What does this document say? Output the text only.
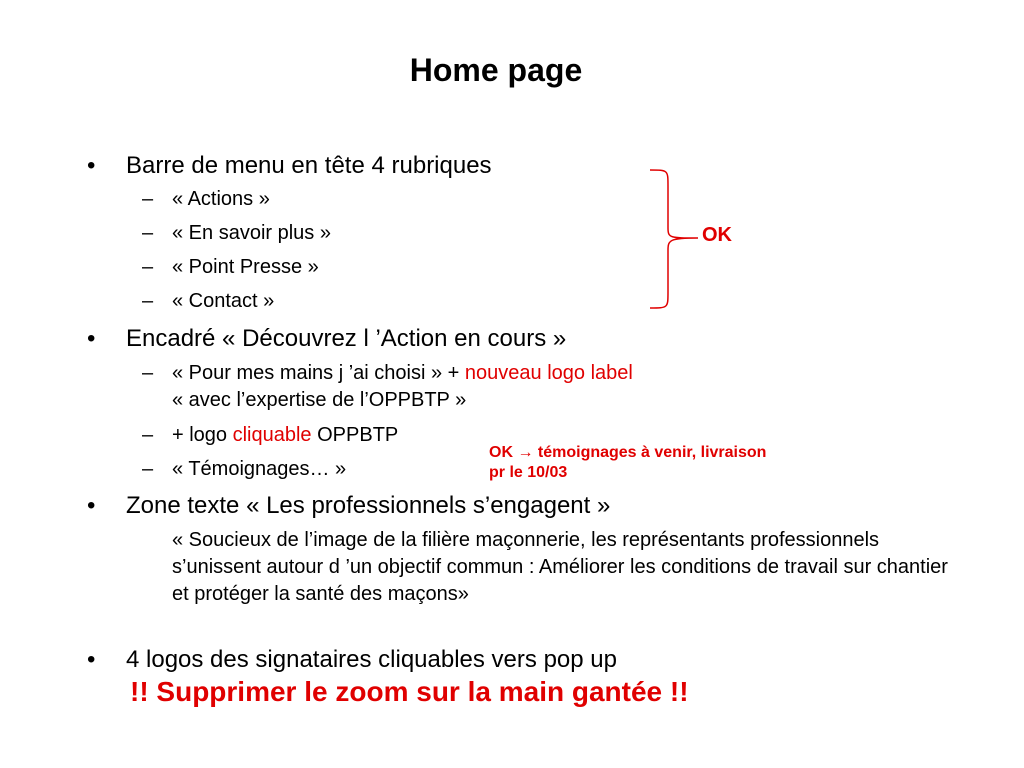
Home page
• Barre de menu en tête 4 rubriques
– « Actions »
– « En savoir plus »
– « Point Presse »
– « Contact »
OK
• Encadré « Découvrez l ’Action en cours »
– « Pour mes mains j ’ai choisi » + nouveau logo label
« avec l’expertise de l’OPPBTP »
– + logo cliquable OPPBTP
– « Témoignages… »
OK → témoignages à venir, livraison
pr le 10/03
• Zone texte « Les professionnels s’engagent »
« Soucieux de l’image de la filière maçonnerie, les représentants professionnels s’unissent autour d ’un objectif commun : Améliorer les conditions de travail sur chantier et protéger la santé des maçons»
• 4 logos des signataires cliquables vers pop up
!! Supprimer le zoom sur la main gantée !!
